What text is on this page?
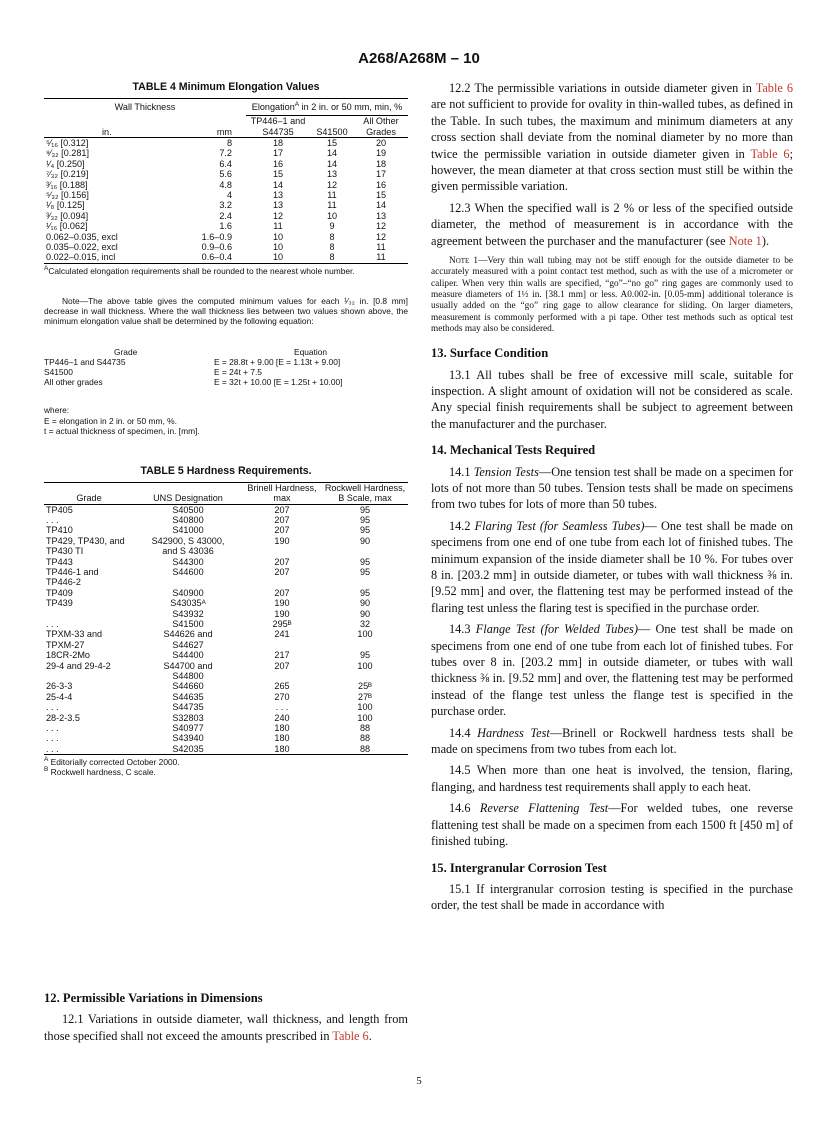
A268/A268M – 10
TABLE 4 Minimum Elongation Values
Wall Thickness		Elongation$^A$ in 2 in. or 50 mm, min, %		

in.	mm	TP446–1 and S44735	S41500	All Other Grades
⁵⁄₁₆ [0.312]	8	18	15	20
⁹⁄₃₂ [0.281]	7.2	17	14	19
¹⁄₄ [0.250]	6.4	16	14	18
⁷⁄₃₂ [0.219]	5.6	15	13	17
³⁄₁₆ [0.188]	4.8	14	12	16
⁵⁄₃₂ [0.156]	4	13	11	15
¹⁄₈ [0.125]	3.2	13	11	14
³⁄₃₂ [0.094]	2.4	12	10	13
¹⁄₁₆ [0.062]	1.6	11	9	12
0.062–0.035, excl	1.6–0.9	10	8	12
0.035–0.022, excl	0.9–0.6	10	8	11
0.022–0.015, incl	0.6–0.4	10	8	11
$^A$Calculated elongation requirements shall be rounded to the nearest whole number.
Note—The above table gives the computed minimum values for each ¹⁄₃₂ in. [0.8 mm] decrease in wall thickness. Where the wall thickness lies between two values shown above, the minimum elongation value shall be determined by the following equation:
Grade	Equation
TP446–1 and S44735	E = 28.8t + 9.00 [E = 1.13t + 9.00]
S41500	E = 24t + 7.5
All other grades	E = 32t + 10.00 [E = 1.25t + 10.00]
where:
E = elongation in 2 in. or 50 mm, %.
t = actual thickness of specimen, in. [mm].
TABLE 5 Hardness Requirements.
Grade	UNS Designation	Brinell Hardness, max	Rockwell Hardness, B Scale, max
TP405	S40500	207	95
. . .	S40800	207	95
TP410	S41000	207	95
TP429, TP430, and	S42900, S 43000,	190	90
TP430 TI	and S 43036		
TP443	S44300	207	95
TP446-1 and	S44600	207	95
TP446-2			
TP409	S40900	207	95
TP439	S43035ᴬ	190	90
	S43932	190	90
. . .	S41500	295ᴮ	32
TPXM-33 and	S44626 and	241	100
TPXM-27	S44627		
18CR-2Mo	S44400	217	95
29-4 and 29-4-2	S44700 and	207	100
	S44800		
26-3-3	S44660	265	25ᴮ
25-4-4	S44635	270	27ᴮ
. . .	S44735	. . .	100
28-2-3.5	S32803	240	100
. . .	S40977	180	88
. . .	S43940	180	88
. . .	S42035	180	88
$^A$ Editorially corrected October 2000.
$^B$ Rockwell hardness, C scale.
12. Permissible Variations in Dimensions

12.1 Variations in outside diameter, wall thickness, and length from those specified shall not exceed the amounts prescribed in Table 6.

12.2 The permissible variations in outside diameter given in Table 6 are not sufficient to provide for ovality in thin-walled tubes, as defined in the Table. In such tubes, the maximum and minimum diameters at any cross section shall deviate from the nominal diameter by no more than twice the permissible variation in outside diameter given in Table 6; however, the mean diameter at that cross section must still be within the given permissible variation.

12.3 When the specified wall is 2 % or less of the specified outside diameter, the method of measurement is in accordance with the agreement between the purchaser and the manufacturer (see Note 1).

Note 1—Very thin wall tubing may not be stiff enough for the outside diameter to be accurately measured with a point contact test method, such as with the use of a micrometer or caliper. When very thin walls are specified, “go”–“no go” ring gages are commonly used to measure diameters of 1½ in. [38.1 mm] or less. A0.002-in. [0.05-mm] additional tolerance is usually added on the “go” ring gage to allow clearance for sliding. On larger diameters, measurement is commonly performed with a pi tape. Other test methods such as optical test methods may also be considered.
13. Surface Condition

13.1 All tubes shall be free of excessive mill scale, suitable for inspection. A slight amount of oxidation will not be considered as scale. Any special finish requirements shall be subject to agreement between the manufacturer and the purchaser.

14. Mechanical Tests Required

14.1 Tension Tests—One tension test shall be made on a specimen for lots of not more than 50 tubes. Tension tests shall be made on specimens from two tubes for lots of more than 50 tubes.

14.2 Flaring Test (for Seamless Tubes)— One test shall be made on specimens from one end of one tube from each lot of finished tubes. The minimum expansion of the inside diameter shall be 10 %. For tubes over 8 in. [203.2 mm] in outside diameter, or tubes with wall thickness ⅜ in. [9.52 mm] and over, the flattening test may be performed instead of the flaring test unless the flaring test is specified in the purchase order.

14.3 Flange Test (for Welded Tubes)— One test shall be made on specimens from one end of one tube from each lot of finished tubes. For tubes over 8 in. [203.2 mm] in outside diameter, or tubes with wall thickness ⅜ in. [9.52 mm] and over, the flattening test may be performed instead of the flange test unless the flange test is specified in the purchase order.

14.4 Hardness Test—Brinell or Rockwell hardness tests shall be made on specimens from two tubes from each lot.

14.5 When more than one heat is involved, the tension, flaring, flanging, and hardness test requirements shall apply to each heat.

14.6 Reverse Flattening Test—For welded tubes, one reverse flattening test shall be made on a specimen from each 1500 ft [450 m] of finished tubing.

15. Intergranular Corrosion Test

15.1 If intergranular corrosion testing is specified in the purchase order, the test shall be made in accordance with

5
